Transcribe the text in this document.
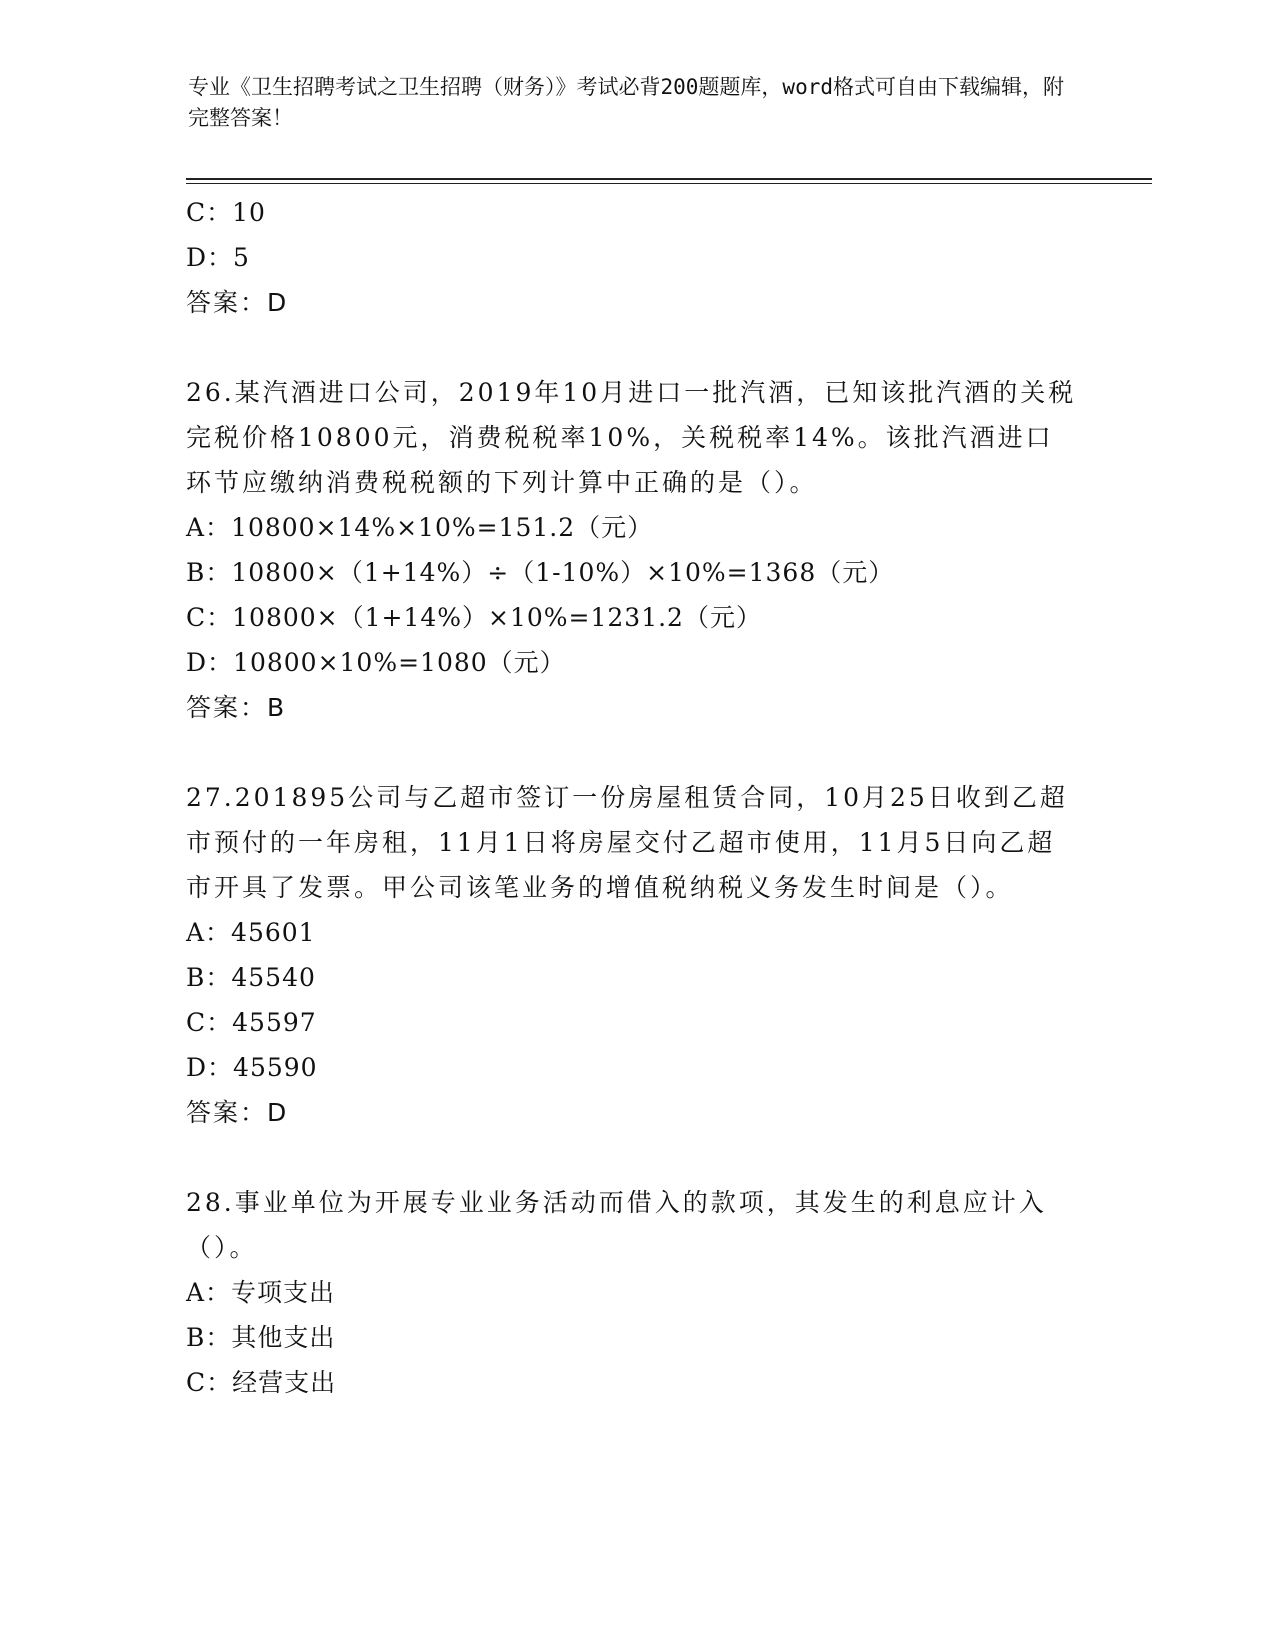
专业《卫生招聘考试之卫生招聘（财务）》考试必背200题题库，word格式可自由下载编辑，附完整答案！
C：10
D：5
答案：D
26.某汽酒进口公司，2019年10月进口一批汽酒，已知该批汽酒的关税完税价格10800元，消费税税率10%，关税税率14%。该批汽酒进口环节应缴纳消费税税额的下列计算中正确的是（）。
A：10800×14%×10%=151.2（元）
B：10800×（1+14%）÷（1-10%）×10%=1368（元）
C：10800×（1+14%）×10%=1231.2（元）
D：10800×10%=1080（元）
答案：B
27.201895公司与乙超市签订一份房屋租赁合同，10月25日收到乙超市预付的一年房租，11月1日将房屋交付乙超市使用，11月5日向乙超市开具了发票。甲公司该笔业务的增值税纳税义务发生时间是（）。
A：45601
B：45540
C：45597
D：45590
答案：D
28.事业单位为开展专业业务活动而借入的款项，其发生的利息应计入（）。
A：专项支出
B：其他支出
C：经营支出
